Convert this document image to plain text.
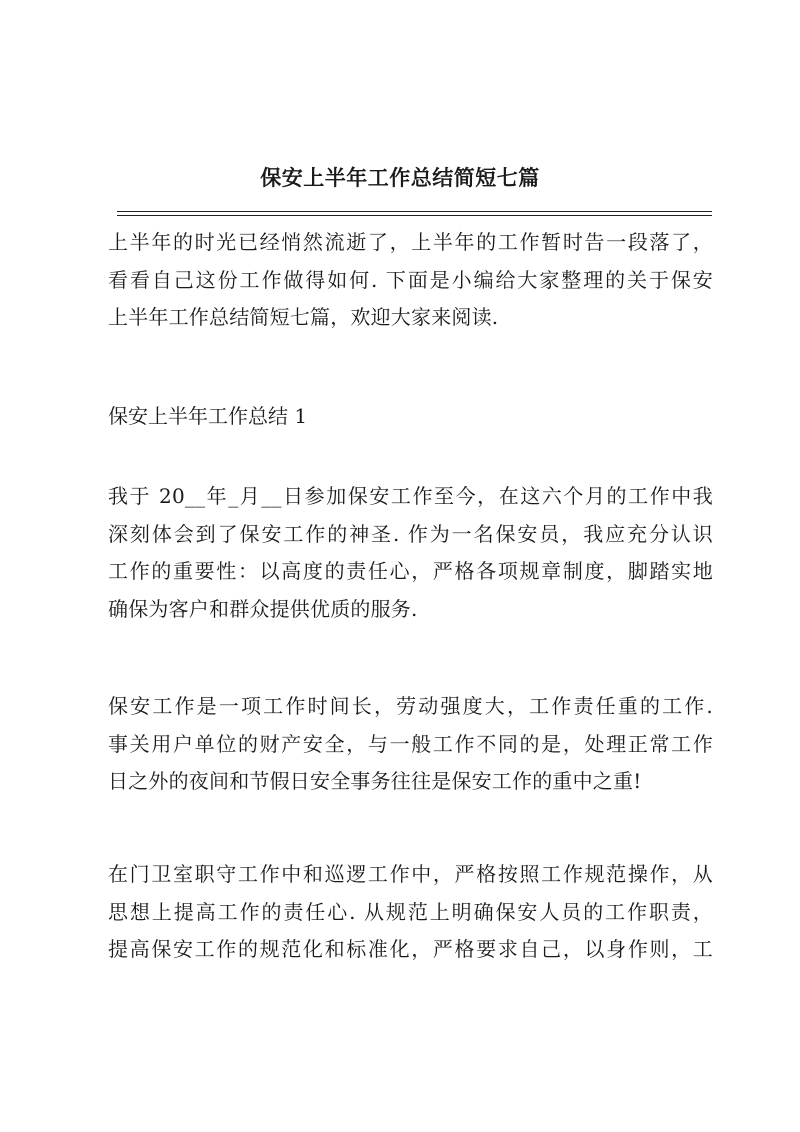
保安上半年工作总结简短七篇
上半年的时光已经悄然流逝了，上半年的工作暂时告一段落了，
看看自己这份工作做得如何. 下面是小编给大家整理的关于保安
上半年工作总结简短七篇，欢迎大家来阅读.
保安上半年工作总结 1
我于 20__年_月__日参加保安工作至今，在这六个月的工作中我
深刻体会到了保安工作的神圣. 作为一名保安员，我应充分认识
工作的重要性：以高度的责任心，严格各项规章制度，脚踏实地
确保为客户和群众提供优质的服务.
保安工作是一项工作时间长，劳动强度大，工作责任重的工作.
事关用户单位的财产安全，与一般工作不同的是，处理正常工作
日之外的夜间和节假日安全事务往往是保安工作的重中之重!
在门卫室职守工作中和巡逻工作中，严格按照工作规范操作，从
思想上提高工作的责任心. 从规范上明确保安人员的工作职责，
提高保安工作的规范化和标准化，严格要求自己，以身作则，工
